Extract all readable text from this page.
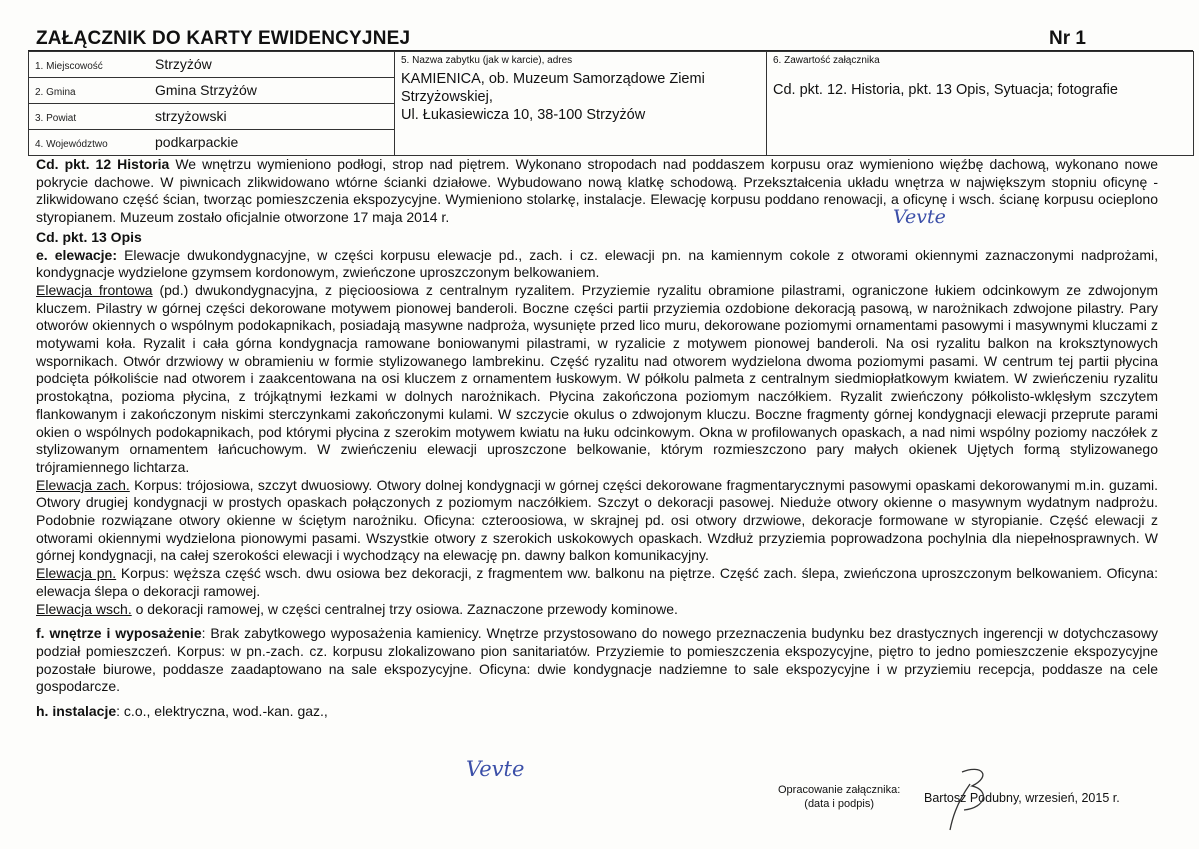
ZAŁĄCZNIK DO KARTY EWIDENCYJNEJ	Nr 1
1. Miejscowość	Strzyżów	5. Nazwa zabytku (jak w karcie), adres
KAMIENICA, ob. Muzeum Samorządowe Ziemi
Strzyżowskiej,
Ul. Łukasiewicza 10, 38-100 Strzyżów

6. Zawartość załącznika
Cd. pkt. 12. Historia, pkt. 13 Opis, Sytuacja; fotografie

2. Gmina	Gmina Strzyżów
3. Powiat	strzyżowski
4. Województwo	podkarpackie

Cd. pkt. 12 Historia We wnętrzu wymieniono podłogi, strop nad piętrem. Wykonano stropodach nad poddaszem korpusu oraz wymieniono więźbę dachową, wykonano nowe pokrycie dachowe. W piwnicach zlikwidowano wtórne ścianki działowe. Wybudowano nową klatkę schodową. Przekształcenia układu wnętrza w największym stopniu oficynę - zlikwidowano część ścian, tworząc pomieszczenia ekspozycyjne. Wymieniono stolarkę, instalacje. Elewację korpusu poddano renowacji, a oficynę i wsch. ścianę korpusu ocieplono styropianem. Muzeum zostało oficjalnie otworzone 17 maja 2014 r.

Cd. pkt. 13 Opis

e. elewacje: Elewacje dwukondygnacyjne, w części korpusu elewacje pd., zach. i cz. elewacji pn. na kamiennym cokole z otworami okiennymi zaznaczonymi nadprożami, kondygnacje wydzielone gzymsem kordonowym, zwieńczone uproszczonym belkowaniem.

Elewacja frontowa (pd.) dwukondygnacyjna, z pięcioosiowa z centralnym ryzalitem. Przyziemie ryzalitu obramione pilastrami, ograniczone łukiem odcinkowym ze zdwojonym kluczem. Pilastry w górnej części dekorowane motywem pionowej banderoli. Boczne części partii przyziemia ozdobione dekoracją pasową, w narożnikach zdwojone pilastry. Pary otworów okiennych o wspólnym podokapnikach, posiadają masywne nadproża, wysunięte przed lico muru, dekorowane poziomymi ornamentami pasowymi i masywnymi kluczami z motywami koła. Ryzalit i cała górna kondygnacja ramowane boniowanymi pilastrami, w ryzalicie z motywem pionowej banderoli. Na osi ryzalitu balkon na kroksztynowych wspornikach. Otwór drzwiowy w obramieniu w formie stylizowanego lambrekinu. Część ryzalitu nad otworem wydzielona dwoma poziomymi pasami. W centrum tej partii płycina podcięta półkoliście nad otworem i zaakcentowana na osi kluczem z ornamentem łuskowym. W półkolu palmeta z centralnym siedmiopłatkowym kwiatem. W zwieńczeniu ryzalitu prostokątna, pozioma płycina, z trójkątnymi łezkami w dolnych narożnikach. Płycina zakończona poziomym naczółkiem. Ryzalit zwieńczony półkolisto-wklęsłym szczytem flankowanym i zakończonym niskimi sterczynkami zakończonymi kulami. W szczycie okulus o zdwojonym kluczu. Boczne fragmenty górnej kondygnacji elewacji przeprute parami okien o wspólnych podokapnikach, pod którymi płycina z szerokim motywem kwiatu na łuku odcinkowym. Okna w profilowanych opaskach, a nad nimi wspólny poziomy naczółek z stylizowanym ornamentem łańcuchowym. W zwieńczeniu elewacji uproszczone belkowanie, którym rozmieszczono pary małych okienek Ujętych formą stylizowanego trójramiennego lichtarza.

Elewacja zach. Korpus: trójosiowa, szczyt dwuosiowy. Otwory dolnej kondygnacji w górnej części dekorowane fragmentarycznymi pasowymi opaskami dekorowanymi m.in. guzami. Otwory drugiej kondygnacji w prostych opaskach połączonych z poziomym naczółkiem. Szczyt o dekoracji pasowej. Nieduże otwory okienne o masywnym wydatnym nadprożu. Podobnie rozwiązane otwory okienne w ściętym narożniku. Oficyna: czteroosiowa, w skrajnej pd. osi otwory drzwiowe, dekoracje formowane w styropianie. Część elewacji z otworami okiennymi wydzielona pionowymi pasami. Wszystkie otwory z szerokich uskokowych opaskach. Wzdłuż przyziemia poprowadzona pochylnia dla niepełnosprawnych. W górnej kondygnacji, na całej szerokości elewacji i wychodzący na elewację pn. dawny balkon komunikacyjny.

Elewacja pn. Korpus: węższa część wsch. dwu osiowa bez dekoracji, z fragmentem ww. balkonu na piętrze. Część zach. ślepa, zwieńczona uproszczonym belkowaniem. Oficyna: elewacja ślepa o dekoracji ramowej.

Elewacja wsch. o dekoracji ramowej, w części centralnej trzy osiowa. Zaznaczone przewody kominowe.

f. wnętrze i wyposażenie: Brak zabytkowego wyposażenia kamienicy. Wnętrze przystosowano do nowego przeznaczenia budynku bez drastycznych ingerencji w dotychczasowy podział pomieszczeń. Korpus: w pn.-zach. cz. korpusu zlokalizowano pion sanitariatów. Przyziemie to pomieszczenia ekspozycyjne, piętro to jedno pomieszczenie ekspozycyjne pozostałe biurowe, poddasze zaadaptowano na sale ekspozycyjne. Oficyna: dwie kondygnacje nadziemne to sale ekspozycyjne i w przyziemiu recepcja, poddasze na cele gospodarcze.

h. instalacje: c.o., elektryczna, wod.-kan. gaz.,

Vevte
Vevte
Opracowanie załącznika:
(data i podpis)	Bartosz Podubny, wrzesień, 2015 r.
